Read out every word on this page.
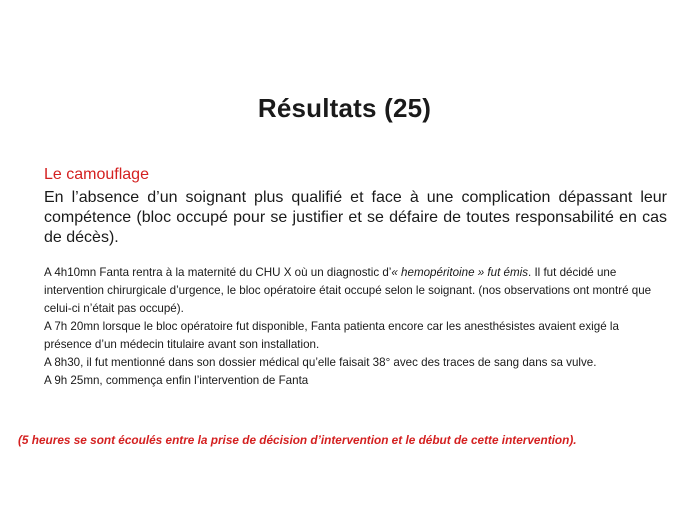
Résultats (25)
Le camouflage
En l’absence d’un soignant plus qualifié et face à une complication dépassant leur compétence (bloc occupé pour se justifier et se défaire de toutes responsabilité en cas de décès).

A 4h10mn Fanta rentra à la maternité du CHU X où un diagnostic d’« hemopéritoine » fut émis. Il fut décidé une intervention chirurgicale d’urgence, le bloc opératoire était occupé selon le soignant. (nos observations ont montré que celui-ci n’était pas occupé).

A 7h 20mn lorsque le bloc opératoire fut disponible, Fanta patienta encore car les anesthésistes avaient exigé la présence d’un médecin titulaire avant son installation.

A 8h30, il fut mentionné dans son dossier médical qu’elle faisait 38° avec des traces de sang dans sa vulve.

A 9h 25mn, commença enfin l’intervention de Fanta

(5 heures se sont écoulés entre la prise de décision d’intervention et le début de cette intervention).
